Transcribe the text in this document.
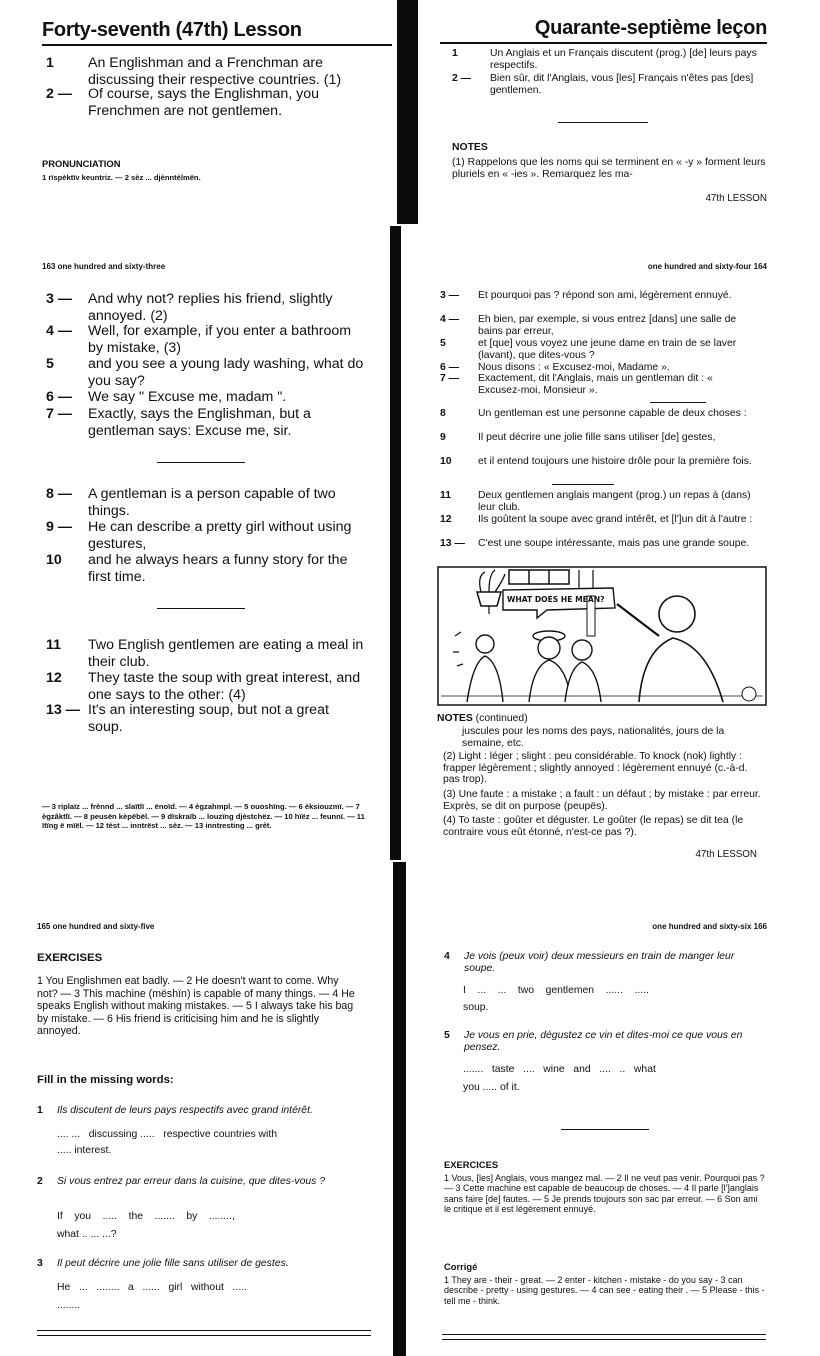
Forty-seventh (47th) Lesson
1	An Englishman and a Frenchman are discussing their respective countries. (1)
2 —	Of course, says the Englishman, you Frenchmen are not gentlemen.
PRONUNCIATION
1 rïspèktïv keuntriz. — 2 sèz ... djènntèlmën.
Quarante-septième leçon
1	Un Anglais et un Français discutent (prog.) [de] leurs pays respectifs.
2 —	Bien sûr, dit l'Anglais, vous [les] Français n'êtes pas [des] gentlemen.
NOTES
(1) Rappelons que les noms qui se terminent en « -y » forment leurs pluriels en « -ies ». Remarquez les ma-
47th LESSON
163 one hundred and sixty-three
3 —	And why not? replies his friend, slightly annoyed. (2)
4 —	Well, for example, if you enter a bathroom by mistake, (3)
5	and you see a young lady washing, what do you say?
6 —	We say " Excuse me, madam ".
7 —	Exactly, says the Englishman, but a gentleman says: Excuse me, sir.
8 —	A gentleman is a person capable of two things.
9 —	He can describe a pretty girl without using gestures,
10	and he always hears a funny story for the first time.
11	Two English gentlemen are eating a meal in their club.
12	They taste the soup with great interest, and one says to the other: (4)
13 — It's an interesting soup, but not a great soup.
— 3 riplaïz ... frènnd ... slaïtlï ... ënoïd. — 4 ègzahmpl. — 5 ouoshïng. — 6 èksiouzmï. — 7 ègzâktlï. — 8 peusën kèpëbël. — 9 dïskraïb ... louzïng djèstchëz. — 10 hïëz ... feunnï. — 11 ïtïng ë mïël. — 12 tèst ... inntrëst ... sèz. — 13 inntresting ... grèt.
one hundred and sixty-four 164
3 —	Et pourquoi pas ? répond son ami, légèrement ennuyé.
4 —	Eh bien, par exemple, si vous entrez [dans] une salle de bains par erreur,
5	et [que] vous voyez une jeune dame en train de se laver (lavant), que dites-vous ?
6 —	Nous disons : « Excusez-moi, Madame ».
7 —	Exactement, dit l'Anglais, mais un gentleman dit : « Excusez-moi, Monsieur ».
8	Un gentleman est une personne capable de deux choses :
9	Il peut décrire une jolie fille sans utiliser [de] gestes,
10	et il entend toujours une histoire drôle pour la première fois.
11	Deux gentlemen anglais mangent (prog.) un repas à (dans) leur club.
12	Ils goûtent la soupe avec grand intérêt, et [l']un dit à l'autre :
13 —	C'est une soupe intéressante, mais pas une grande soupe.
WHAT DOES HE MEAN?
NOTES (continued)
juscules pour les noms des pays, nationalités, jours de la semaine, etc.
(2) Light : léger ; slight : peu considérable. To knock (nok) lightly : frapper légèrement ; slightly annoyed : légèrement ennuyé (c.-à-d. pas trop).
(3) Une faute : a mistake ; a fault : un défaut ; by mistake : par erreur. Exprès, se dit on purpose (peupës).
(4) To taste : goûter et déguster. Le goûter (le repas) se dit tea (le contraire vous eût étonné, n'est-ce pas ?).
47th LESSON
165 one hundred and sixty-five
EXERCISES
1 You Englishmen eat badly. — 2 He doesn't want to come. Why not? — 3 This machine (mëshïn) is capable of many things. — 4 He speaks English without making mistakes. — 5 I always take his bag by mistake. — 6 His friend is criticising him and he is slightly annoyed.
Fill in the missing words:
1	Ils discutent de leurs pays respectifs avec grand intérêt.
.... ...   discussing .....   respective countries with
..... interest.
2	Si vous entrez par erreur dans la cuisine, que dites-vous ?
If    you    .....    the    .......    by    ........,
what .. ... ...?
3	Il peut décrire une jolie fille sans utiliser de gestes.
He   ...   ........   a   ......   girl   without   .....
........
one hundred and sixty-six 166
4	Je vois (peux voir) deux messieurs en train de manger leur soupe.
I    ...    ...    two    gentlemen    ......    .....
soup.
5	Je vous en prie, dégustez ce vin et dites-moi ce que vous en pensez.
.......   taste   ....   wine   and   ....   ..   what
you ..... of it.
EXERCICES
1 Vous, [les] Anglais, vous mangez mal. — 2 Il ne veut pas venir. Pourquoi pas ? — 3 Cette machine est capable de beaucoup de choses. — 4 Il parle [l']anglais sans faire [de] fautes. — 5 Je prends toujours son sac par erreur. — 6 Son ami le critique et il est légèrement ennuyé.
Corrigé
1 They are - their - great. — 2 enter - kitchen - mistake - do you say - 3 can describe - pretty - using gestures. — 4 can see - eating their . — 5 Please - this - tell me - think.
